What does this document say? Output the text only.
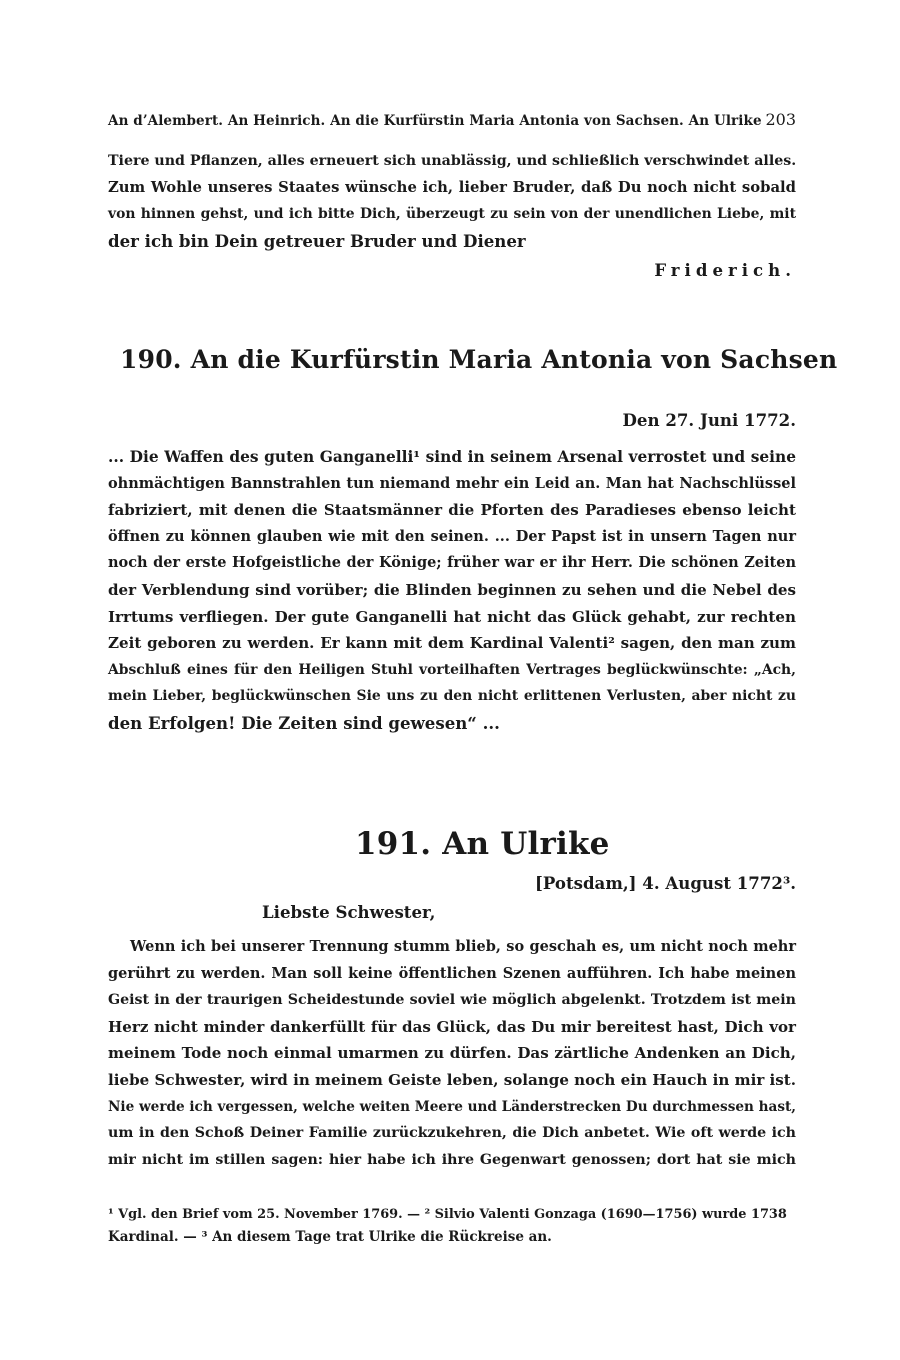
An d’Alembert. An Heinrich. An die Kurfürstin Maria Antonia von Sachsen. An Ulrike 203

Tiere und Pflanzen, alles erneuert sich unablässig, und schließlich verschwindet alles.
Zum Wohle unseres Staates wünsche ich, lieber Bruder, daß Du noch nicht sobald
von hinnen gehst, und ich bitte Dich, überzeugt zu sein von der unendlichen Liebe, mit
der ich bin Dein getreuer Bruder und Diener

Friderich.
190. An die Kurfürstin Maria Antonia von Sachsen
Den 27. Juni 1772.

... Die Waffen des guten Ganganelli¹ sind in seinem Arsenal verrostet und seine
ohnmächtigen Bannstrahlen tun niemand mehr ein Leid an. Man hat Nachschlüssel
fabriziert, mit denen die Staatsmänner die Pforten des Paradieses ebenso leicht
öffnen zu können glauben wie mit den seinen. ... Der Papst ist in unsern Tagen nur
noch der erste Hofgeistliche der Könige; früher war er ihr Herr. Die schönen Zeiten
der Verblendung sind vorüber; die Blinden beginnen zu sehen und die Nebel des
Irrtums verfliegen. Der gute Ganganelli hat nicht das Glück gehabt, zur rechten
Zeit geboren zu werden. Er kann mit dem Kardinal Valenti² sagen, den man zum
Abschluß eines für den Heiligen Stuhl vorteilhaften Vertrages beglückwünschte: „Ach,
mein Lieber, beglückwünschen Sie uns zu den nicht erlittenen Verlusten, aber nicht zu
den Erfolgen! Die Zeiten sind gewesen“ ...

191. An Ulrike
[Potsdam,] 4. August 1772³.
Liebste Schwester,

Wenn ich bei unserer Trennung stumm blieb, so geschah es, um nicht noch mehr
gerührt zu werden. Man soll keine öffentlichen Szenen aufführen. Ich habe meinen
Geist in der traurigen Scheidestunde soviel wie möglich abgelenkt. Trotzdem ist mein
Herz nicht minder dankerfüllt für das Glück, das Du mir bereitest hast, Dich vor
meinem Tode noch einmal umarmen zu dürfen. Das zärtliche Andenken an Dich,
liebe Schwester, wird in meinem Geiste leben, solange noch ein Hauch in mir ist.
Nie werde ich vergessen, welche weiten Meere und Länderstrecken Du durchmessen hast,
um in den Schoß Deiner Familie zurückzukehren, die Dich anbetet. Wie oft werde ich
mir nicht im stillen sagen: hier habe ich ihre Gegenwart genossen; dort hat sie mich

¹ Vgl. den Brief vom 25. November 1769. — ² Silvio Valenti Gonzaga (1690—1756) wurde 1738
Kardinal. — ³ An diesem Tage trat Ulrike die Rückreise an.
